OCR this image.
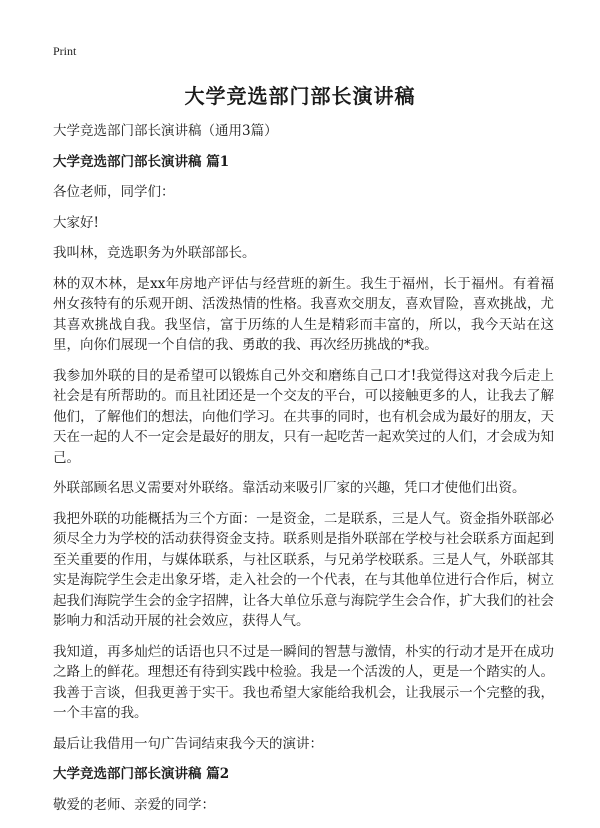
Print
大学竞选部门部长演讲稿

大学竞选部门部长演讲稿（通用3篇）

大学竞选部门部长演讲稿 篇1

各位老师，同学们：

大家好!

我叫林，竞选职务为外联部部长。

林的双木林，是xx年房地产评估与经营班的新生。我生于福州，长于福州。有着福州女孩特有的乐观开朗、活泼热情的性格。我喜欢交朋友，喜欢冒险，喜欢挑战，尤其喜欢挑战自我。我坚信，富于历练的人生是精彩而丰富的，所以，我今天站在这里，向你们展现一个自信的我、勇敢的我、再次经历挑战的*我。

我参加外联的目的是希望可以锻炼自己外交和磨练自己口才!我觉得这对我今后走上社会是有所帮助的。而且社团还是一个交友的平台，可以接触更多的人，让我去了解他们，了解他们的想法，向他们学习。在共事的同时，也有机会成为最好的朋友，天天在一起的人不一定会是最好的朋友，只有一起吃苦一起欢笑过的人们，才会成为知己。

外联部顾名思义需要对外联络。靠活动来吸引厂家的兴趣，凭口才使他们出资。

我把外联的功能概括为三个方面：一是资金，二是联系，三是人气。资金指外联部必须尽全力为学校的活动获得资金支持。联系则是指外联部在学校与社会联系方面起到至关重要的作用，与媒体联系，与社区联系，与兄弟学校联系。三是人气，外联部其实是海院学生会走出象牙塔，走入社会的一个代表，在与其他单位进行合作后，树立起我们海院学生会的金字招牌，让各大单位乐意与海院学生会合作，扩大我们的社会影响力和活动开展的社会效应，获得人气。

我知道，再多灿烂的话语也只不过是一瞬间的智慧与激情，朴实的行动才是开在成功之路上的鲜花。理想还有待到实践中检验。我是一个活泼的人，更是一个踏实的人。我善于言谈，但我更善于实干。我也希望大家能给我机会，让我展示一个完整的我，一个丰富的我。

最后让我借用一句广告词结束我今天的演讲：

大学竞选部门部长演讲稿 篇2

敬爱的老师、亲爱的同学：
